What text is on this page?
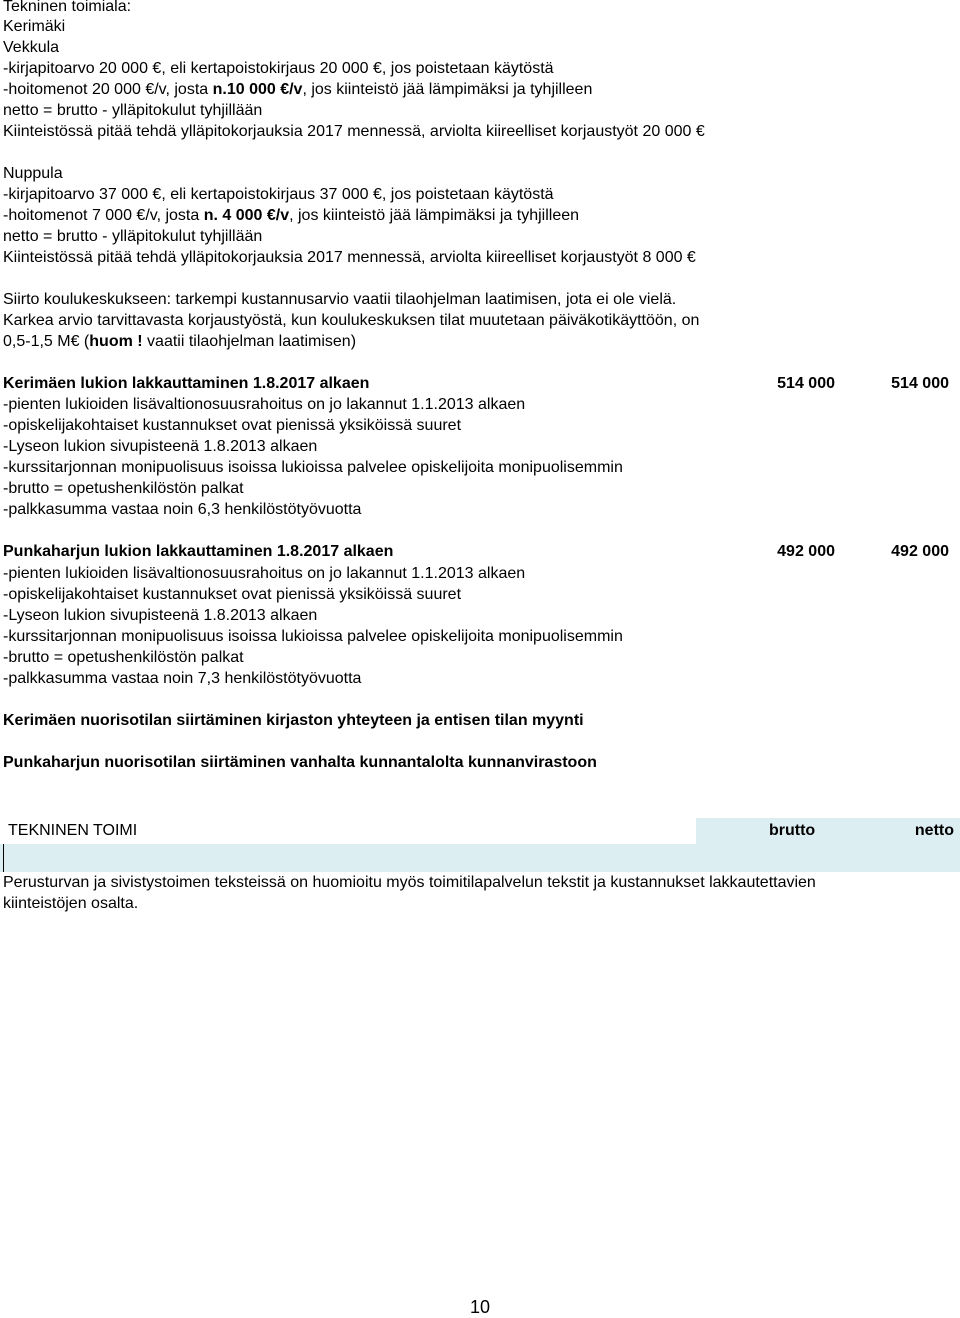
Tekninen toimiala:
Kerimäki
Vekkula
-kirjapitoarvo 20 000 €, eli kertapoistokirjaus 20 000 €, jos poistetaan käytöstä
-hoitomenot 20 000 €/v, josta n.10 000 €/v, jos kiinteistö jää lämpimäksi ja tyhjilleen
netto = brutto - ylläpitokulut tyhjillään
Kiinteistössä pitää tehdä ylläpitokorjauksia 2017 mennessä, arviolta kiireelliset korjaustyöt 20 000 €
Nuppula
-kirjapitoarvo 37 000 €, eli kertapoistokirjaus 37 000 €, jos poistetaan käytöstä
-hoitomenot 7 000 €/v, josta n. 4 000 €/v, jos kiinteistö jää lämpimäksi ja tyhjilleen
netto = brutto - ylläpitokulut tyhjillään
Kiinteistössä pitää tehdä ylläpitokorjauksia 2017 mennessä, arviolta kiireelliset korjaustyöt 8 000 €
Siirto koulukeskukseen: tarkempi kustannusarvio vaatii tilaohjelman laatimisen, jota ei ole vielä.
Karkea arvio tarvittavasta korjaustyöstä, kun koulukeskuksen tilat muutetaan päiväkotikäyttöön, on
0,5-1,5 M€ (huom ! vaatii tilaohjelman laatimisen)
Kerimäen lukion lakkauttaminen 1.8.2017 alkaen	514 000	514 000
-pienten lukioiden lisävaltionosuusrahoitus on jo lakannut 1.1.2013 alkaen
-opiskelijakohtaiset kustannukset ovat pienissä yksiköissä suuret
-Lyseon lukion sivupisteenä 1.8.2013 alkaen
-kurssitarjonnan monipuolisuus isoissa lukioissa palvelee opiskelijoita monipuolisemmin
-brutto = opetushenkilöstön palkat
-palkkasumma vastaa noin 6,3 henkilöstötyövuotta
Punkaharjun lukion lakkauttaminen 1.8.2017 alkaen	492 000	492 000
-pienten lukioiden lisävaltionosuusrahoitus on jo lakannut 1.1.2013 alkaen
-opiskelijakohtaiset kustannukset ovat pienissä yksiköissä suuret
-Lyseon lukion sivupisteenä 1.8.2013 alkaen
-kurssitarjonnan monipuolisuus isoissa lukioissa palvelee opiskelijoita monipuolisemmin
-brutto = opetushenkilöstön palkat
-palkkasumma vastaa noin 7,3 henkilöstötyövuotta
Kerimäen nuorisotilan siirtäminen kirjaston yhteyteen ja entisen tilan myynti
Punkaharjun nuorisotilan siirtäminen vanhalta kunnantalolta kunnanvirastoon
TEKNINEN TOIMI	brutto	netto
Perusturvan ja sivistystoimen teksteissä on huomioitu myös toimitilapalvelun tekstit ja kustannukset lakkautettavien
kiinteistöjen osalta.
10
